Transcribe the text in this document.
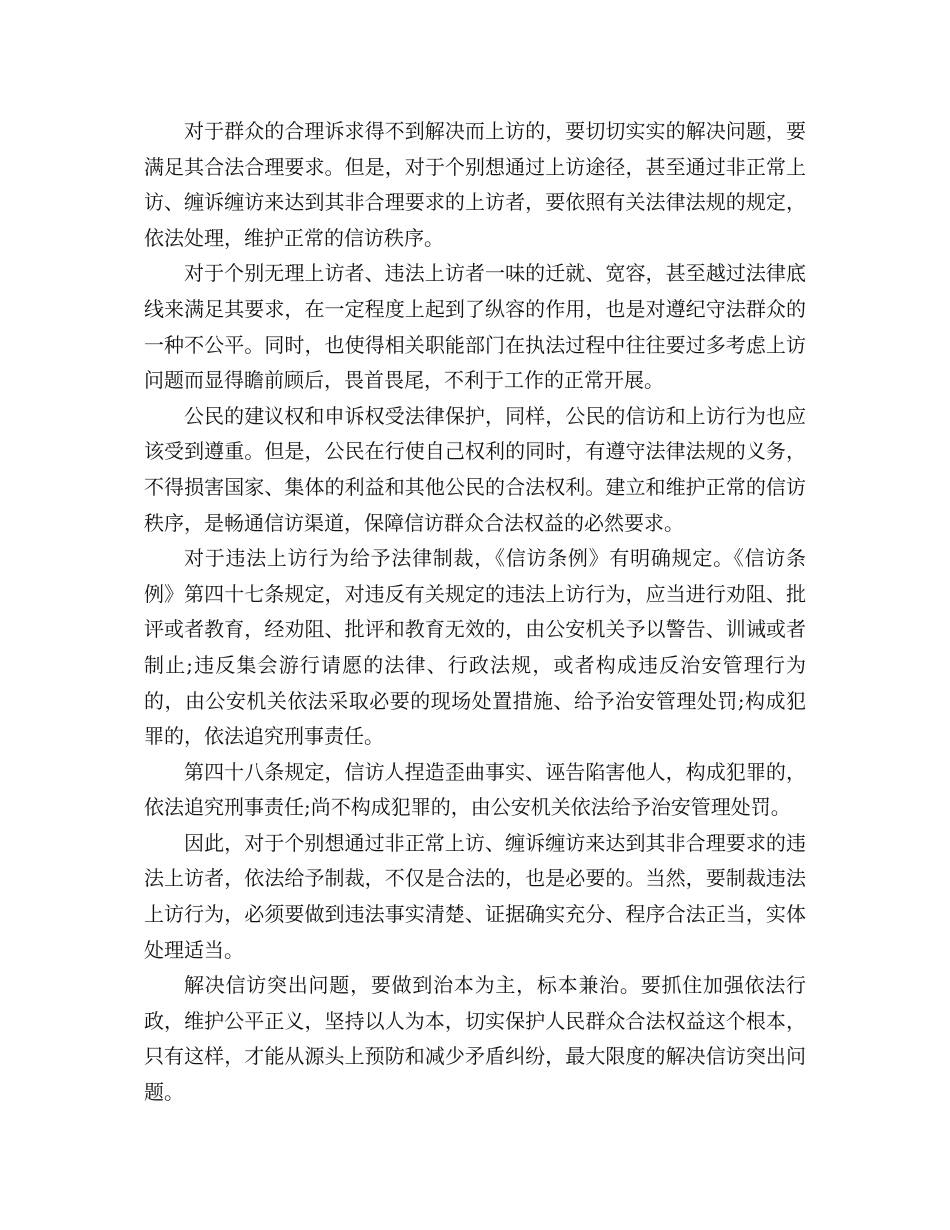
对于群众的合理诉求得不到解决而上访的，要切切实实的解决问题，要满足其合法合理要求。但是，对于个别想通过上访途径，甚至通过非正常上访、缠诉缠访来达到其非合理要求的上访者，要依照有关法律法规的规定，依法处理，维护正常的信访秩序。

对于个别无理上访者、违法上访者一味的迁就、宽容，甚至越过法律底线来满足其要求，在一定程度上起到了纵容的作用，也是对遵纪守法群众的一种不公平。同时，也使得相关职能部门在执法过程中往往要过多考虑上访问题而显得瞻前顾后，畏首畏尾，不利于工作的正常开展。

公民的建议权和申诉权受法律保护，同样，公民的信访和上访行为也应该受到遵重。但是，公民在行使自己权利的同时，有遵守法律法规的义务，不得损害国家、集体的利益和其他公民的合法权利。建立和维护正常的信访秩序，是畅通信访渠道，保障信访群众合法权益的必然要求。

对于违法上访行为给予法律制裁，《信访条例》有明确规定。《信访条例》第四十七条规定，对违反有关规定的违法上访行为，应当进行劝阻、批评或者教育，经劝阻、批评和教育无效的，由公安机关予以警告、训诫或者制止;违反集会游行请愿的法律、行政法规，或者构成违反治安管理行为的，由公安机关依法采取必要的现场处置措施、给予治安管理处罚;构成犯罪的，依法追究刑事责任。

第四十八条规定，信访人捏造歪曲事实、诬告陷害他人，构成犯罪的，依法追究刑事责任;尚不构成犯罪的，由公安机关依法给予治安管理处罚。

因此，对于个别想通过非正常上访、缠诉缠访来达到其非合理要求的违法上访者，依法给予制裁，不仅是合法的，也是必要的。当然，要制裁违法上访行为，必须要做到违法事实清楚、证据确实充分、程序合法正当，实体处理适当。

解决信访突出问题，要做到治本为主，标本兼治。要抓住加强依法行政，维护公平正义，坚持以人为本，切实保护人民群众合法权益这个根本，只有这样，才能从源头上预防和减少矛盾纠纷，最大限度的解决信访突出问题。
